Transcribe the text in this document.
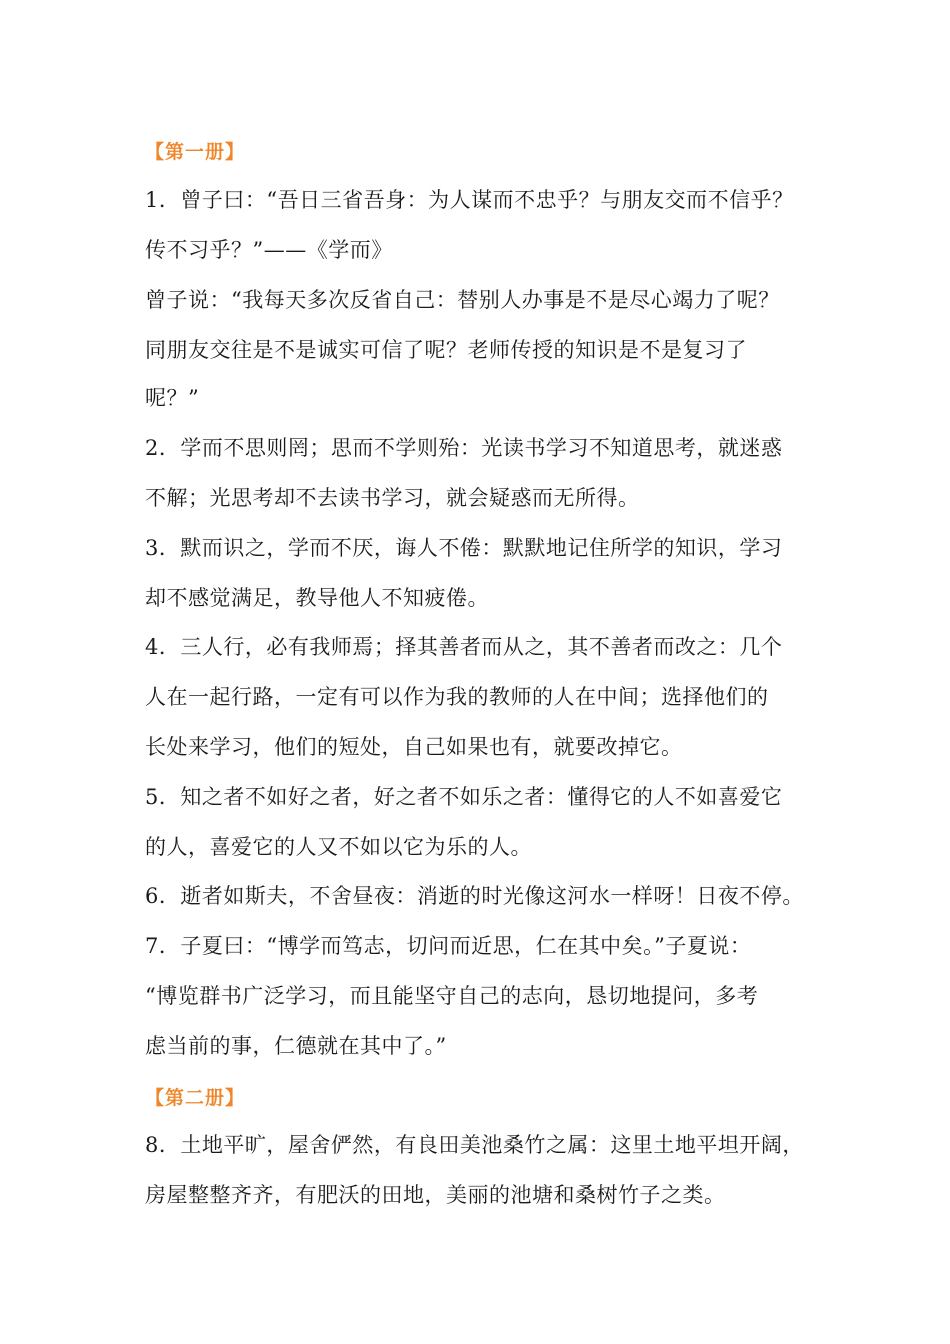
【第一册】
1．曾子曰：“吾日三省吾身：为人谋而不忠乎？与朋友交而不信乎？
传不习乎？”——《学而》
曾子说：“我每天多次反省自己：替别人办事是不是尽心竭力了呢？
同朋友交往是不是诚实可信了呢？老师传授的知识是不是复习了
呢？”
2．学而不思则罔；思而不学则殆：光读书学习不知道思考，就迷惑
不解；光思考却不去读书学习，就会疑惑而无所得。
3．默而识之，学而不厌，诲人不倦：默默地记住所学的知识，学习
却不感觉满足，教导他人不知疲倦。
4．三人行，必有我师焉；择其善者而从之，其不善者而改之：几个
人在一起行路，一定有可以作为我的教师的人在中间；选择他们的
长处来学习，他们的短处，自己如果也有，就要改掉它。
5．知之者不如好之者，好之者不如乐之者：懂得它的人不如喜爱它
的人，喜爱它的人又不如以它为乐的人。
6．逝者如斯夫，不舍昼夜：消逝的时光像这河水一样呀！日夜不停。
7．子夏曰：“博学而笃志，切问而近思，仁在其中矣。”子夏说：
“博览群书广泛学习，而且能坚守自己的志向，恳切地提问，多考
虑当前的事，仁德就在其中了。”
【第二册】
8．土地平旷，屋舍俨然，有良田美池桑竹之属：这里土地平坦开阔，
房屋整整齐齐，有肥沃的田地，美丽的池塘和桑树竹子之类。
